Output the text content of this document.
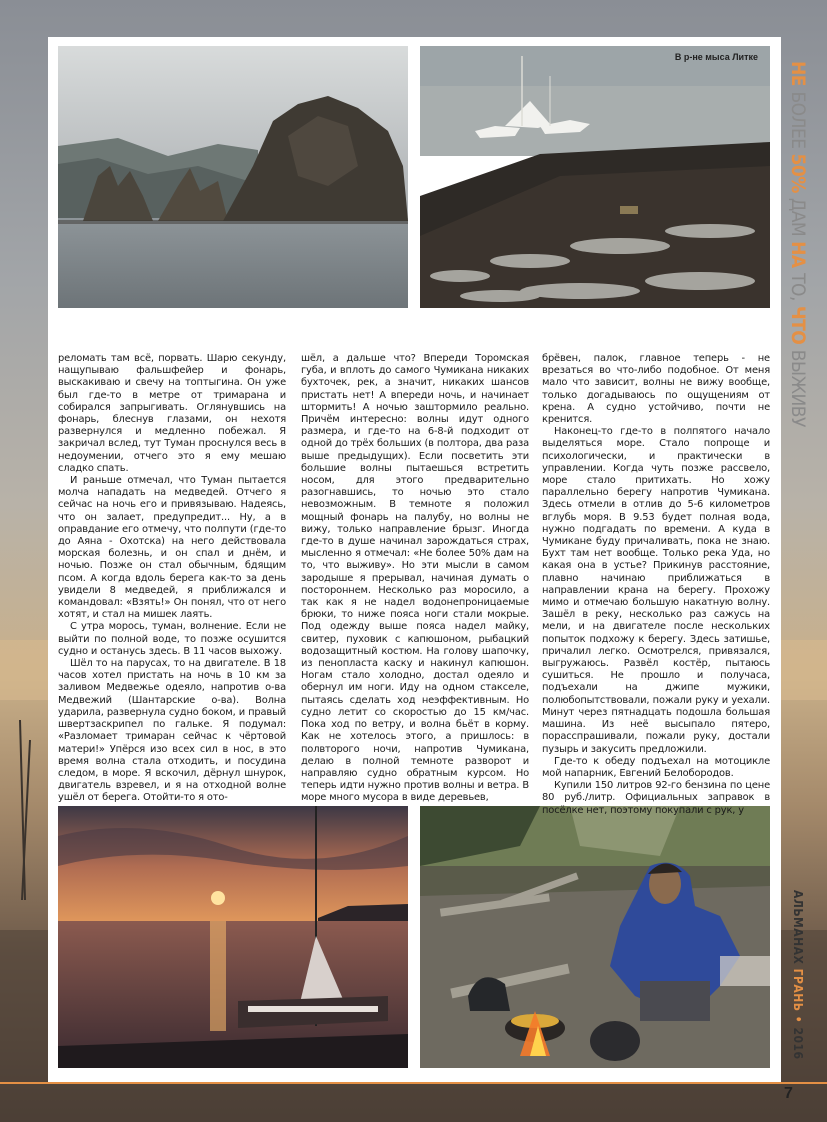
В р-не мыса Литке

реломать там всё, порвать. Шарю секунду, нащупываю фальшфейер и фонарь, выскакиваю и свечу на топтыгина. Он уже был где-то в метре от тримарана и собирался запрыгивать. Оглянувшись на фонарь, блеснув глазами, он нехотя развернулся и медленно побежал. Я закричал вслед, тут Туман проснулся весь в недоумении, отчего это я ему мешаю сладко спать.

И раньше отмечал, что Туман пытается молча нападать на медведей. Отчего я сейчас на ночь его и привязываю. Надеясь, что он залает, предупредит... Ну, а в оправдание его отмечу, что полпути (где-то до Аяна - Охотска) на него действовала морская болезнь, и он спал и днём, и ночью. Позже он стал обычным, бдящим псом. А когда вдоль берега как-то за день увидели 8 медведей, я приближался и командовал: «Взять!» Он понял, что от него хотят, и стал на мишек лаять.

С утра морось, туман, волнение. Если не выйти по полной воде, то позже осушится судно и останусь здесь. В 11 часов выхожу.

Шёл то на парусах, то на двигателе. В 18 часов хотел пристать на ночь в 10 км за заливом Медвежье одеяло, напротив о-ва Медвежий (Шантарские о-ва). Волна ударила, развернула судно боком, и правый швертзаскрипел по гальке. Я подумал: «Разломает тримаран сейчас к чёртовой матери!» Упёрся изо всех сил в нос, в это время волна стала отходить, и посудина следом, в море. Я вскочил, дёрнул шнурок, двигатель взревел, и я на отходной волне ушёл от берега. Отойти-то я ото-

шёл, а дальше что? Впереди Торомская губа, и вплоть до самого Чумикана никаких бухточек, рек, а значит, никаких шансов пристать нет! А впереди ночь, и начинает штормить! А ночью заштормило реально. Причём интересно: волны идут одного размера, и где-то на 6-8-й подходит от одной до трёх больших (в полтора, два раза выше предыдущих). Если посветить эти большие волны пытаешься встретить носом, для этого предварительно разогнавшись, то ночью это стало невозможным. В темноте я положил мощный фонарь на палубу, но волны не вижу, только направление брызг. Иногда где-то в душе начинал зарождаться страх, мысленно я отмечал: «Не более 50% дам на то, что выживу». Но эти мысли в самом зародыше я прерывал, начиная думать о постороннем. Несколько раз моросило, а так как я не надел водонепроницаемые брюки, то ниже пояса ноги стали мокрые. Под одежду выше пояса надел майку, свитер, пуховик с капюшоном, рыбацкий водозащитный костюм. На голову шапочку, из пенопласта каску и накинул капюшон. Ногам стало холодно, достал одеяло и обернул им ноги. Иду на одном стакселе, пытаясь сделать ход неэффективным. Но судно летит со скоростью до 15 км/час. Пока ход по ветру, и волна бьёт в корму. Как не хотелось этого, а пришлось: в полвторого ночи, напротив Чумикана, делаю в полной темноте разворот и направляю судно обратным курсом. Но теперь идти нужно против волны и ветра. В море много мусора в виде деревьев,

брёвен, палок, главное теперь - не врезаться во что-либо подобное. От меня мало что зависит, волны не вижу вообще, только догадываюсь по ощущениям от крена. А судно устойчиво, почти не кренится.

Наконец-то где-то в полпятого начало выделяться море. Стало попроще и психологически, и практически в управлении. Когда чуть позже рассвело, море стало притихать. Но хожу параллельно берегу напротив Чумикана. Здесь отмели в отлив до 5-6 километров вглубь моря. В 9.53 будет полная вода, нужно подгадать по времени. А куда в Чумикане буду причаливать, пока не знаю. Бухт там нет вообще. Только река Уда, но какая она в устье? Прикинув расстояние, плавно начинаю приближаться в направлении крана на берегу. Прохожу мимо и отмечаю большую накатную волну. Зашёл в реку, несколько раз сажусь на мели, и на двигателе после нескольких попыток подхожу к берегу. Здесь затишье, причалил легко. Осмотрелся, привязался, выгружаюсь. Развёл костёр, пытаюсь сушиться. Не прошло и получаса, подъехали на джипе мужики, полюбопытствовали, пожали руку и уехали. Минут через пятнадцать подошла большая машина. Из неё высыпало пятеро, порасспрашивали, пожали руку, достали пузырь и закусить предложили.

Где-то к обеду подъехал на мотоцикле мой напарник, Евгений Белобородов.

Купили 150 литров 92-го бензина по цене 80 руб./литр. Официальных заправок в посёлке нет, поэтому покупали с рук, у

НЕ БОЛЕЕ 50% ДАМ НА ТО, ЧТО ВЫЖИВУ
АЛЬМАНАХ ГРАНЬ • 2016
7
